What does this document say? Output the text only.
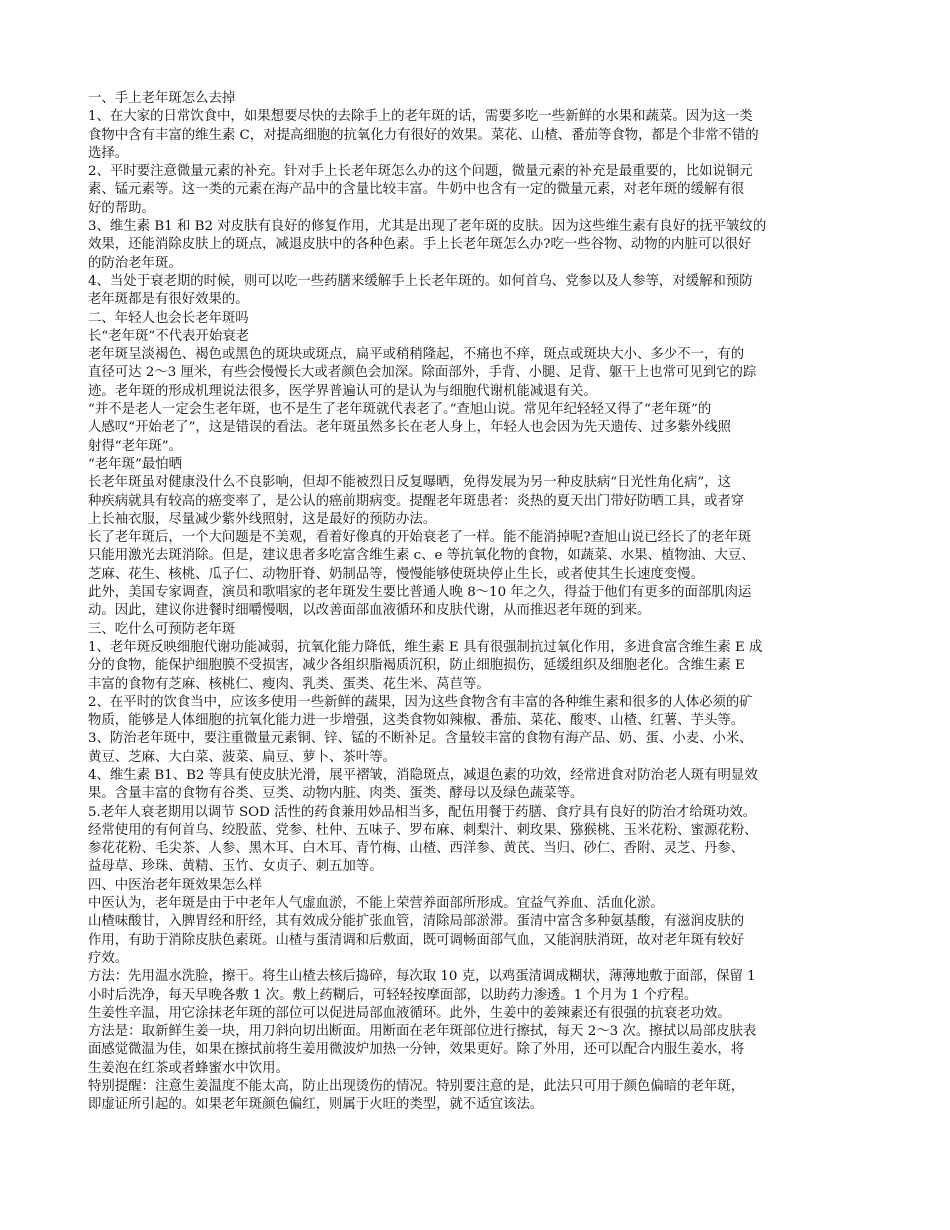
一、手上老年斑怎么去掉
1、在大家的日常饮食中，如果想要尽快的去除手上的老年斑的话，需要多吃一些新鲜的水果和蔬菜。因为这一类
食物中含有丰富的维生素 C，对提高细胞的抗氧化力有很好的效果。菜花、山楂、番茄等食物，都是个非常不错的
选择。
2、平时要注意微量元素的补充。针对手上长老年斑怎么办的这个问题，微量元素的补充是最重要的，比如说铜元
素、锰元素等。这一类的元素在海产品中的含量比较丰富。牛奶中也含有一定的微量元素，对老年斑的缓解有很
好的帮助。
3、维生素 B1 和 B2 对皮肤有良好的修复作用，尤其是出现了老年斑的皮肤。因为这些维生素有良好的抚平皱纹的
效果，还能消除皮肤上的斑点，减退皮肤中的各种色素。手上长老年斑怎么办?吃一些谷物、动物的内脏可以很好
的防治老年斑。
4、当处于衰老期的时候，则可以吃一些药膳来缓解手上长老年斑的。如何首乌、党参以及人参等，对缓解和预防
老年斑都是有很好效果的。
二、年轻人也会长老年斑吗
长“老年斑”不代表开始衰老
老年斑呈淡褐色、褐色或黑色的斑块或斑点，扁平或稍稍隆起，不痛也不痒，斑点或斑块大小、多少不一，有的
直径可达 2～3 厘米，有些会慢慢长大或者颜色会加深。除面部外，手背、小腿、足背、躯干上也常可见到它的踪
迹。老年斑的形成机理说法很多，医学界普遍认可的是认为与细胞代谢机能减退有关。
“并不是老人一定会生老年斑，也不是生了老年斑就代表老了。”查旭山说。常见年纪轻轻又得了“老年斑”的
人感叹“开始老了”，这是错误的看法。老年斑虽然多长在老人身上，年轻人也会因为先天遗传、过多紫外线照
射得“老年斑”。
“老年斑”最怕晒
长老年斑虽对健康没什么不良影响，但却不能被烈日反复曝晒，免得发展为另一种皮肤病“日光性角化病”，这
种疾病就具有较高的癌变率了，是公认的癌前期病变。提醒老年斑患者：炎热的夏天出门带好防晒工具，或者穿
上长袖衣服，尽量减少紫外线照射，这是最好的预防办法。
长了老年斑后，一个大问题是不美观，看着好像真的开始衰老了一样。能不能消掉呢?查旭山说已经长了的老年斑
只能用激光去斑消除。但是，建议患者多吃富含维生素 c、e 等抗氧化物的食物，如蔬菜、水果、植物油、大豆、
芝麻、花生、核桃、瓜子仁、动物肝脊、奶制品等，慢慢能够使斑块停止生长，或者使其生长速度变慢。
此外，美国专家调查，演员和歌唱家的老年斑发生要比普通人晚 8～10 年之久，得益于他们有更多的面部肌肉运
动。因此，建议你进餐时细嚼慢咽，以改善面部血液循环和皮肤代谢，从而推迟老年斑的到来。
三、吃什么可预防老年斑
1、老年斑反映细胞代谢功能减弱，抗氧化能力降低，维生素 E 具有很强制抗过氧化作用，多进食富含维生素 E 成
分的食物，能保护细胞膜不受损害，减少各组织脂褐质沉积，防止细胞损伤，延缓组织及细胞老化。含维生素 E
丰富的食物有芝麻、核桃仁、瘦肉、乳类、蛋类、花生米、莴苣等。
2、在平时的饮食当中，应该多使用一些新鲜的蔬果，因为这些食物含有丰富的各种维生素和很多的人体必须的矿
物质，能够是人体细胞的抗氧化能力进一步增强，这类食物如辣椒、番茄、菜花、酸枣、山楂、红薯、芋头等。
3、防治老年斑中，要注重微量元素铜、锌、锰的不断补足。含量较丰富的食物有海产品、奶、蛋、小麦、小米、
黄豆、芝麻、大白菜、菠菜、扁豆、萝卜、茶叶等。
4、维生素 B1、B2 等具有使皮肤光滑，展平褶皱，消隐斑点，减退色素的功效，经常进食对防治老人斑有明显效
果。含量丰富的食物有谷类、豆类、动物内脏、肉类、蛋类、酵母以及绿色蔬菜等。
5.老年人衰老期用以调节 SOD 活性的药食兼用妙品相当多，配伍用餐于药膳、食疗具有良好的防治才给斑功效。
经常使用的有何首乌、绞股蓝、党参、杜仲、五味子、罗布麻、刺梨汁、刺玫果、猕猴桃、玉米花粉、蜜源花粉、
参花花粉、毛尖茶、人参、黑木耳、白木耳、青竹梅、山楂、西洋参、黄芪、当归、砂仁、香附、灵芝、丹参、
益母草、珍珠、黄精、玉竹、女贞子、刺五加等。
四、中医治老年斑效果怎么样
中医认为，老年斑是由于中老年人气虚血淤，不能上荣营养面部所形成。宜益气养血、活血化淤。
山楂味酸甘，入脾胃经和肝经，其有效成分能扩张血管，清除局部淤滞。蛋清中富含多种氨基酸，有滋润皮肤的
作用，有助于消除皮肤色素斑。山楂与蛋清调和后敷面，既可调畅面部气血，又能润肤消斑，故对老年斑有较好
疗效。
方法：先用温水洗脸，擦干。将生山楂去核后捣碎，每次取 10 克，以鸡蛋清调成糊状，薄薄地敷于面部，保留 1
小时后洗净，每天早晚各敷 1 次。敷上药糊后，可轻轻按摩面部，以助药力渗透。1 个月为 1 个疗程。
生姜性辛温，用它涂抹老年斑的部位可以促进局部血液循环。此外，生姜中的姜辣素还有很强的抗衰老功效。
方法是：取新鲜生姜一块，用刀斜向切出断面。用断面在老年斑部位进行擦拭，每天 2～3 次。擦拭以局部皮肤表
面感觉微温为佳，如果在擦拭前将生姜用微波炉加热一分钟，效果更好。除了外用，还可以配合内服生姜水，将
生姜泡在红茶或者蜂蜜水中饮用。
特别提醒：注意生姜温度不能太高，防止出现烫伤的情况。特别要注意的是，此法只可用于颜色偏暗的老年斑，
即虚证所引起的。如果老年斑颜色偏红，则属于火旺的类型，就不适宜该法。
